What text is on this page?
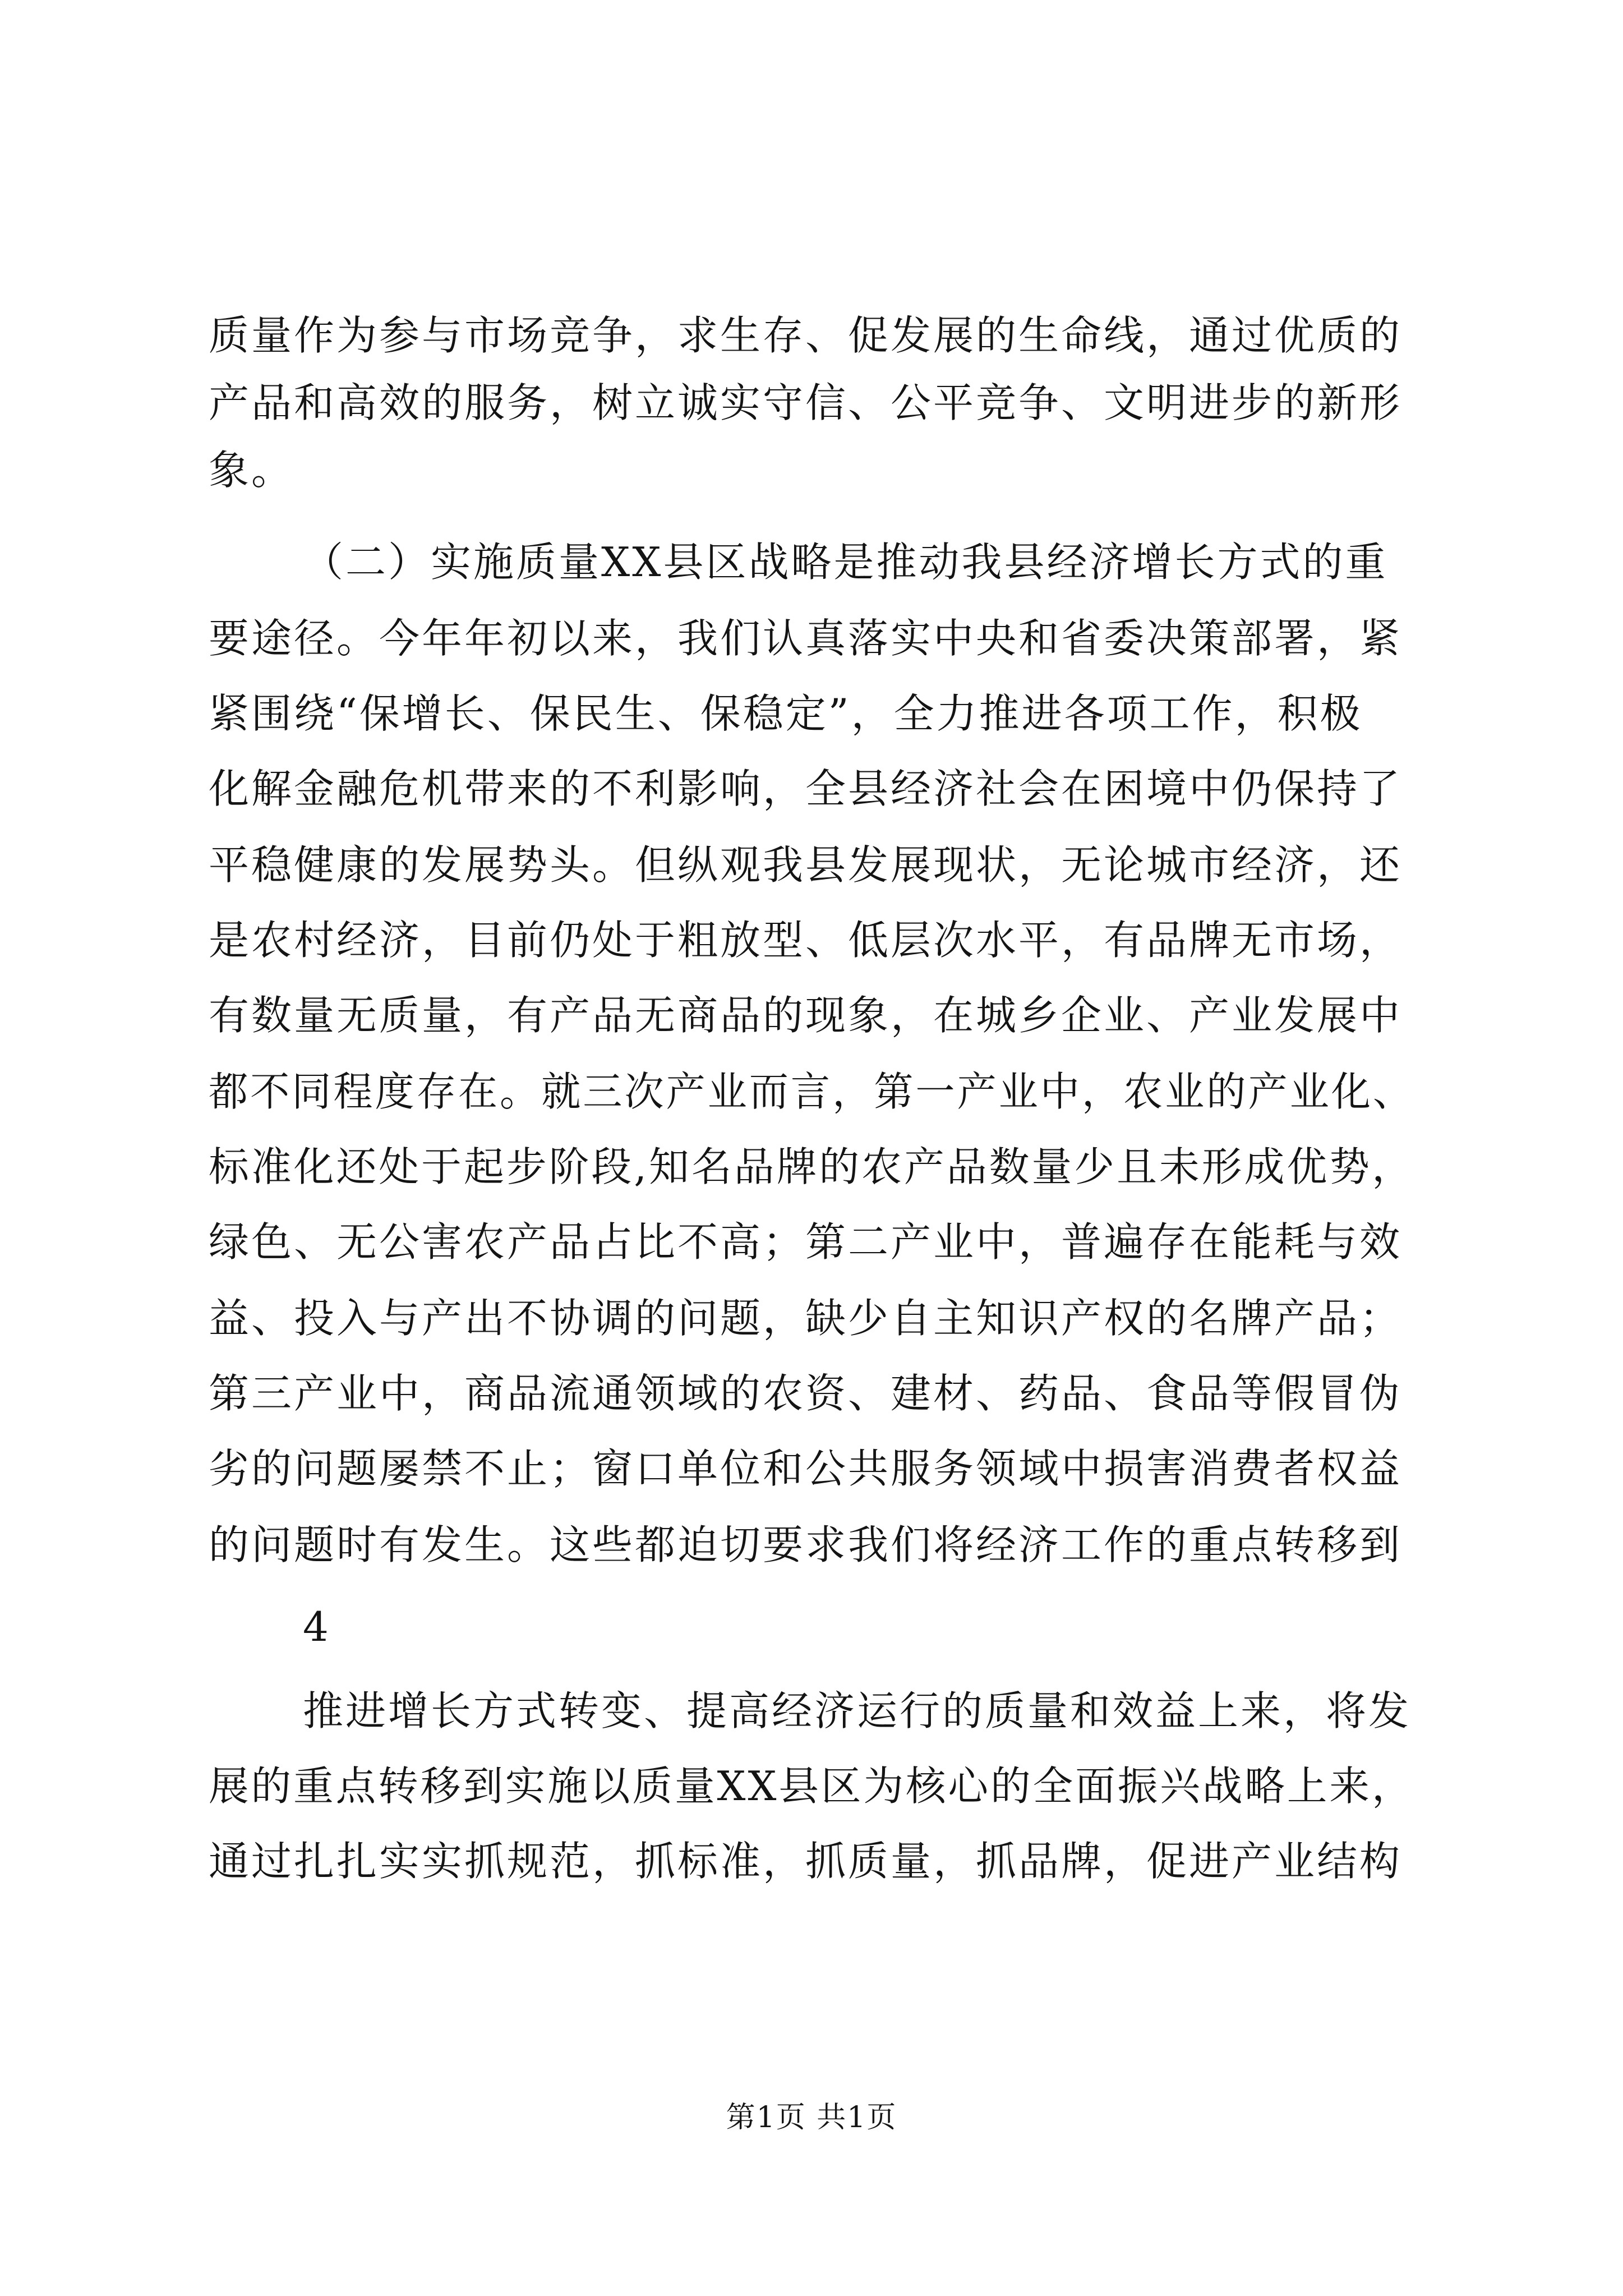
质量作为参与市场竞争，求生存、促发展的生命线，通过优质的
产品和高效的服务，树立诚实守信、公平竞争、文明进步的新形
象。
（二）实施质量XX县区战略是推动我县经济增长方式的重
要途径。今年年初以来，我们认真落实中央和省委决策部署，紧
紧围绕“保增长、保民生、保稳定”，全力推进各项工作，积极
化解金融危机带来的不利影响，全县经济社会在困境中仍保持了
平稳健康的发展势头。但纵观我县发展现状，无论城市经济，还
是农村经济，目前仍处于粗放型、低层次水平，有品牌无市场，
有数量无质量，有产品无商品的现象，在城乡企业、产业发展中
都不同程度存在。就三次产业而言，第一产业中，农业的产业化、
标准化还处于起步阶段,知名品牌的农产品数量少且未形成优势，
绿色、无公害农产品占比不高；第二产业中，普遍存在能耗与效
益、投入与产出不协调的问题，缺少自主知识产权的名牌产品；
第三产业中，商品流通领域的农资、建材、药品、食品等假冒伪
劣的问题屡禁不止；窗口单位和公共服务领域中损害消费者权益
的问题时有发生。这些都迫切要求我们将经济工作的重点转移到
4
推进增长方式转变、提高经济运行的质量和效益上来，将发
展的重点转移到实施以质量XX县区为核心的全面振兴战略上来，
通过扎扎实实抓规范，抓标准，抓质量，抓品牌，促进产业结构
第1页 共1页
